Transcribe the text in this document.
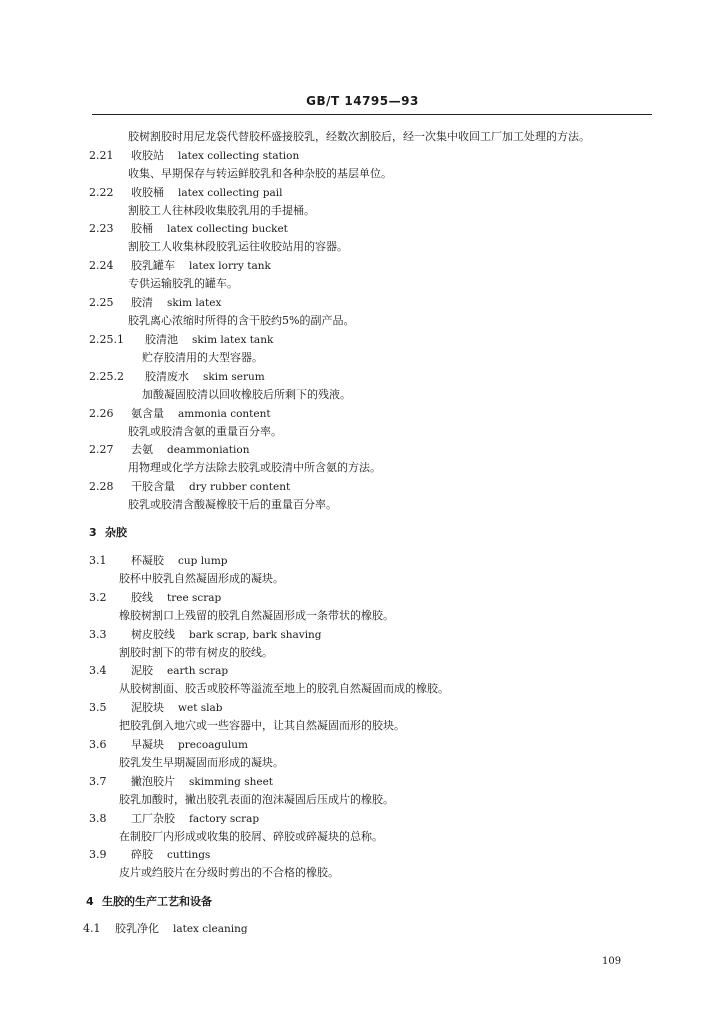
GB/T 14795—93
胶树割胶时用尼龙袋代替胶杯盛接胶乳，经数次割胶后，经一次集中收回工厂加工处理的方法。
2.21 收胶站 latex collecting station
收集、早期保存与转运鲜胶乳和各种杂胶的基层单位。
2.22 收胶桶 latex collecting pail
割胶工人往林段收集胶乳用的手提桶。
2.23 胶桶 latex collecting bucket
割胶工人收集林段胶乳运往收胶站用的容器。
2.24 胶乳罐车 latex lorry tank
专供运输胶乳的罐车。
2.25 胶清 skim latex
胶乳离心浓缩时所得的含干胶约5%的副产品。
2.25.1 胶清池 skim latex tank
贮存胶清用的大型容器。
2.25.2 胶清废水 skim serum
加酸凝固胶清以回收橡胶后所剩下的残液。
2.26 氨含量 ammonia content
胶乳或胶清含氨的重量百分率。
2.27 去氨 deammoniation
用物理或化学方法除去胶乳或胶清中所含氨的方法。
2.28 干胶含量 dry rubber content
胶乳或胶清含酸凝橡胶干后的重量百分率。
3 杂胶
3.1 杯凝胶 cup lump
胶杯中胶乳自然凝固形成的凝块。
3.2 胶线 tree scrap
橡胶树割口上残留的胶乳自然凝固形成一条带状的橡胶。
3.3 树皮胶线 bark scrap, bark shaving
割胶时割下的带有树皮的胶线。
3.4 泥胶 earth scrap
从胶树割面、胶舌或胶杯等溢流至地上的胶乳自然凝固而成的橡胶。
3.5 泥胶块 wet slab
把胶乳倒入地穴或一些容器中，让其自然凝固而形的胶块。
3.6 早凝块 precoagulum
胶乳发生早期凝固而形成的凝块。
3.7 撇泡胶片 skimming sheet
胶乳加酸时，撇出胶乳表面的泡沫凝固后压成片的橡胶。
3.8 工厂杂胶 factory scrap
在制胶厂内形成或收集的胶屑、碎胶或碎凝块的总称。
3.9 碎胶 cuttings
皮片或绉胶片在分级时剪出的不合格的橡胶。
4 生胶的生产工艺和设备
4.1 胶乳净化 latex cleaning
109
